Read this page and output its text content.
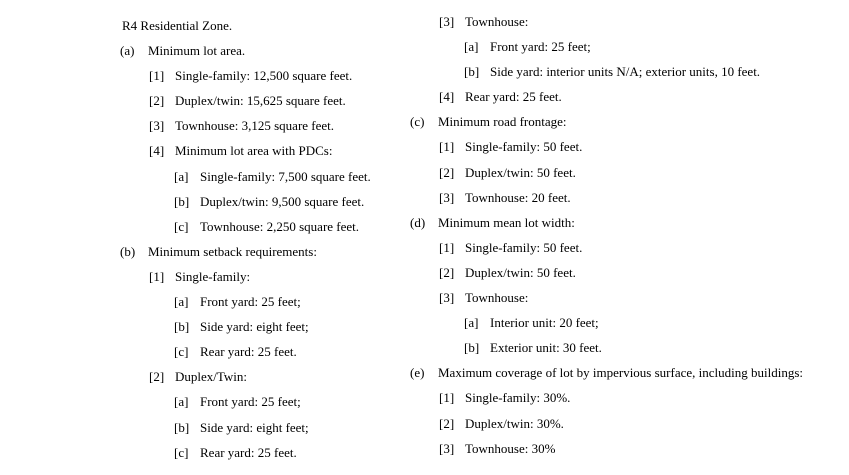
R4 Residential Zone.
(a) Minimum lot area.
[1] Single-family: 12,500 square feet.
[2] Duplex/twin: 15,625 square feet.
[3] Townhouse: 3,125 square feet.
[4] Minimum lot area with PDCs:
[a] Single-family: 7,500 square feet.
[b] Duplex/twin: 9,500 square feet.
[c] Townhouse: 2,250 square feet.
(b) Minimum setback requirements:
[1] Single-family:
[a] Front yard: 25 feet;
[b] Side yard: eight feet;
[c] Rear yard: 25 feet.
[2] Duplex/Twin:
[a] Front yard: 25 feet;
[b] Side yard: eight feet;
[c] Rear yard: 25 feet.
[3] Townhouse:
[a] Front yard: 25 feet;
[b] Side yard: interior units N/A; exterior units, 10 feet.
[4] Rear yard: 25 feet.
(c) Minimum road frontage:
[1] Single-family: 50 feet.
[2] Duplex/twin: 50 feet.
[3] Townhouse: 20 feet.
(d) Minimum mean lot width:
[1] Single-family: 50 feet.
[2] Duplex/twin: 50 feet.
[3] Townhouse:
[a] Interior unit: 20 feet;
[b] Exterior unit: 30 feet.
(e) Maximum coverage of lot by impervious surface, including buildings:
[1] Single-family: 30%.
[2] Duplex/twin: 30%.
[3] Townhouse: 30%
